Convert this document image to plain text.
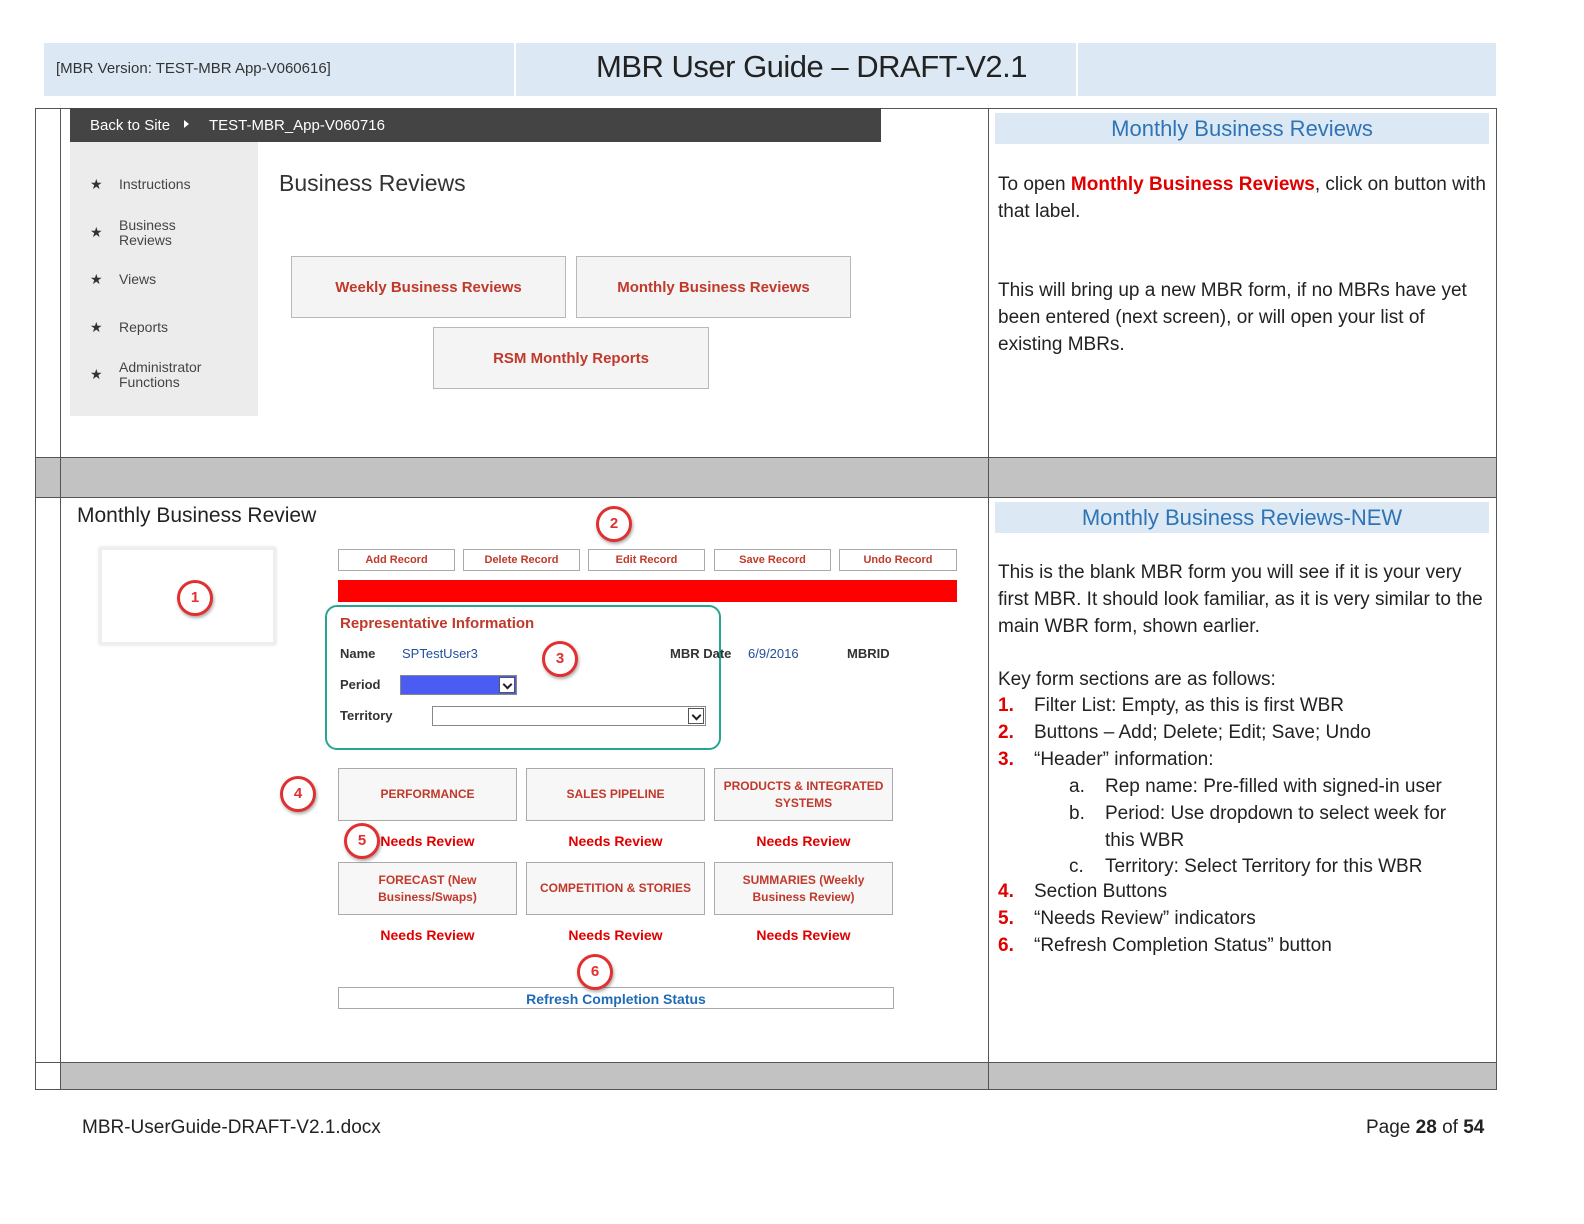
[MBR Version: TEST-MBR App-V060616]	MBR User Guide – DRAFT-V2.1
Back to Site	TEST-MBR_App-V060716
★ Instructions
★ Business
Reviews
★ Views
★ Reports
★ Administrator
Functions
Business Reviews
Weekly Business Reviews	Monthly Business Reviews
RSM Monthly Reports
Monthly Business Reviews
To open Monthly Business Reviews, click on button with that label.
This will bring up a new MBR form, if no MBRs have yet been entered (next screen), or will open your list of existing MBRs.
Monthly Business Review
Add Record	Delete Record	Edit Record	Save Record	Undo Record
Representative Information
Name SPTestUser3	MBR Date 6/9/2016	MBRID
Period
Territory
PERFORMANCE	SALES PIPELINE
PRODUCTS & INTEGRATED
SYSTEMS
Needs Review	Needs Review	Needs Review
FORECAST (New
Business/Swaps)
COMPETITION & STORIES
SUMMARIES (Weekly
Business Review)
Needs Review	Needs Review	Needs Review
Refresh Completion Status
1
2
3
4
5
6
Monthly Business Reviews-NEW
This is the blank MBR form you will see if it is your very first MBR. It should look familiar, as it is very similar to the main WBR form, shown earlier.
Key form sections are as follows:
1. Filter List: Empty, as this is first WBR
2. Buttons – Add; Delete; Edit; Save; Undo
3. “Header” information:
a. Rep name: Pre-filled with signed-in user
b. Period: Use dropdown to select week for
this WBR
c. Territory: Select Territory for this WBR
4. Section Buttons
5. “Needs Review” indicators
6. “Refresh Completion Status” button
MBR-UserGuide-DRAFT-V2.1.docx	Page 28 of 54
